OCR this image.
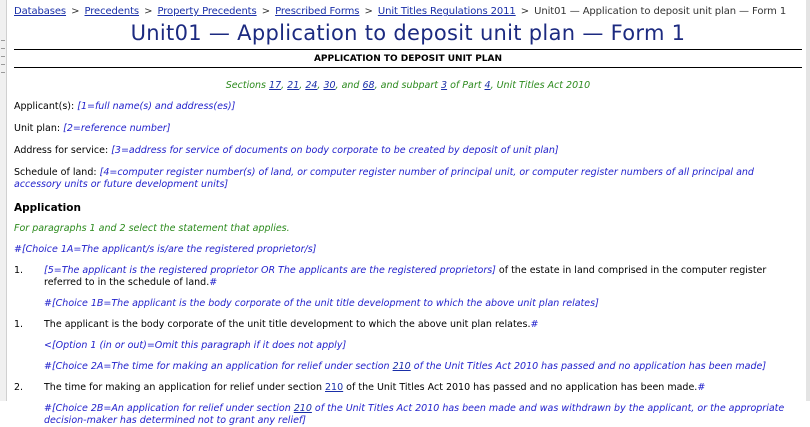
Databases > Precedents > Property Precedents > Prescribed Forms > Unit Titles Regulations 2011 > Unit01 — Application to deposit unit plan — Form 1
Unit01 — Application to deposit unit plan — Form 1
APPLICATION TO DEPOSIT UNIT PLAN
Sections 17, 21, 24, 30, and 68, and subpart 3 of Part 4, Unit Titles Act 2010

Applicant(s): [1=full name(s) and address(es)]

Unit plan: [2=reference number]

Address for service: [3=address for service of documents on body corporate to be created by deposit of unit plan]

Schedule of land: [4=computer register number(s) of land, or computer register number of principal unit, or computer register numbers of all principal and accessory units or future development units]

Application

For paragraphs 1 and 2 select the statement that applies.

#[Choice 1A=The applicant/s is/are the registered proprietor/s]

1.	[5=The applicant is the registered proprietor OR The applicants are the registered proprietors] of the estate in land comprised in the computer register referred to in the schedule of land.#

#[Choice 1B=The applicant is the body corporate of the unit title development to which the above unit plan relates]

1.	The applicant is the body corporate of the unit title development to which the above unit plan relates.#

<[Option 1 (in or out)=Omit this paragraph if it does not apply]

#[Choice 2A=The time for making an application for relief under section 210 of the Unit Titles Act 2010 has passed and no application has been made]

2.	The time for making an application for relief under section 210 of the Unit Titles Act 2010 has passed and no application has been made.#

#[Choice 2B=An application for relief under section 210 of the Unit Titles Act 2010 has been made and was withdrawn by the applicant, or the appropriate decision-maker has determined not to grant any relief]
